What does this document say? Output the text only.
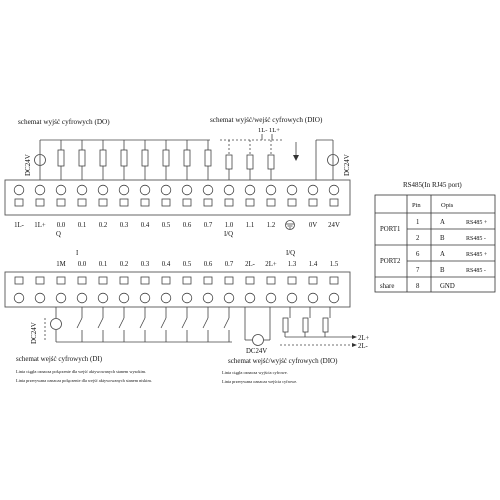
schemat wyjść cyfrowych (DO)	schemat wyjść/wejść cyfrowych (DIO)
1L- 1L+
DC24V	DC24V
1L- 1L+ 0.0 0.1 0.2 0.3 0.4 0.5 0.6 0.7 1.0 1.1 1.2	0V 24V
Q	I/Q
I	I/Q
1M 0.0 0.1 0.2 0.3 0.4 0.5 0.6 0.7 2L- 2L+ 1.3 1.4 1.5
DC24V
DC24V
2L+
2L-
schemat wejść cyfrowych (DI)
Linia ciągła oznacza połączenie dla wejść aktywowanych stanem wysokim.
Linia przerywana oznacza połączenie dla wejść aktywowanych stanem niskim.
schemat wejść/wyjść cyfrowych (DIO)
Linia ciągła oznacza wyjścia cyfrowe.
Linia przerywana oznacza wejścia cyfrowe.
RS485(In RJ45 port)
Pin	Opis
PORT1
1	A	RS485 +
2	B	RS485 -
PORT2
6	A	RS485 +
7	B	RS485 -
share	8	GND
